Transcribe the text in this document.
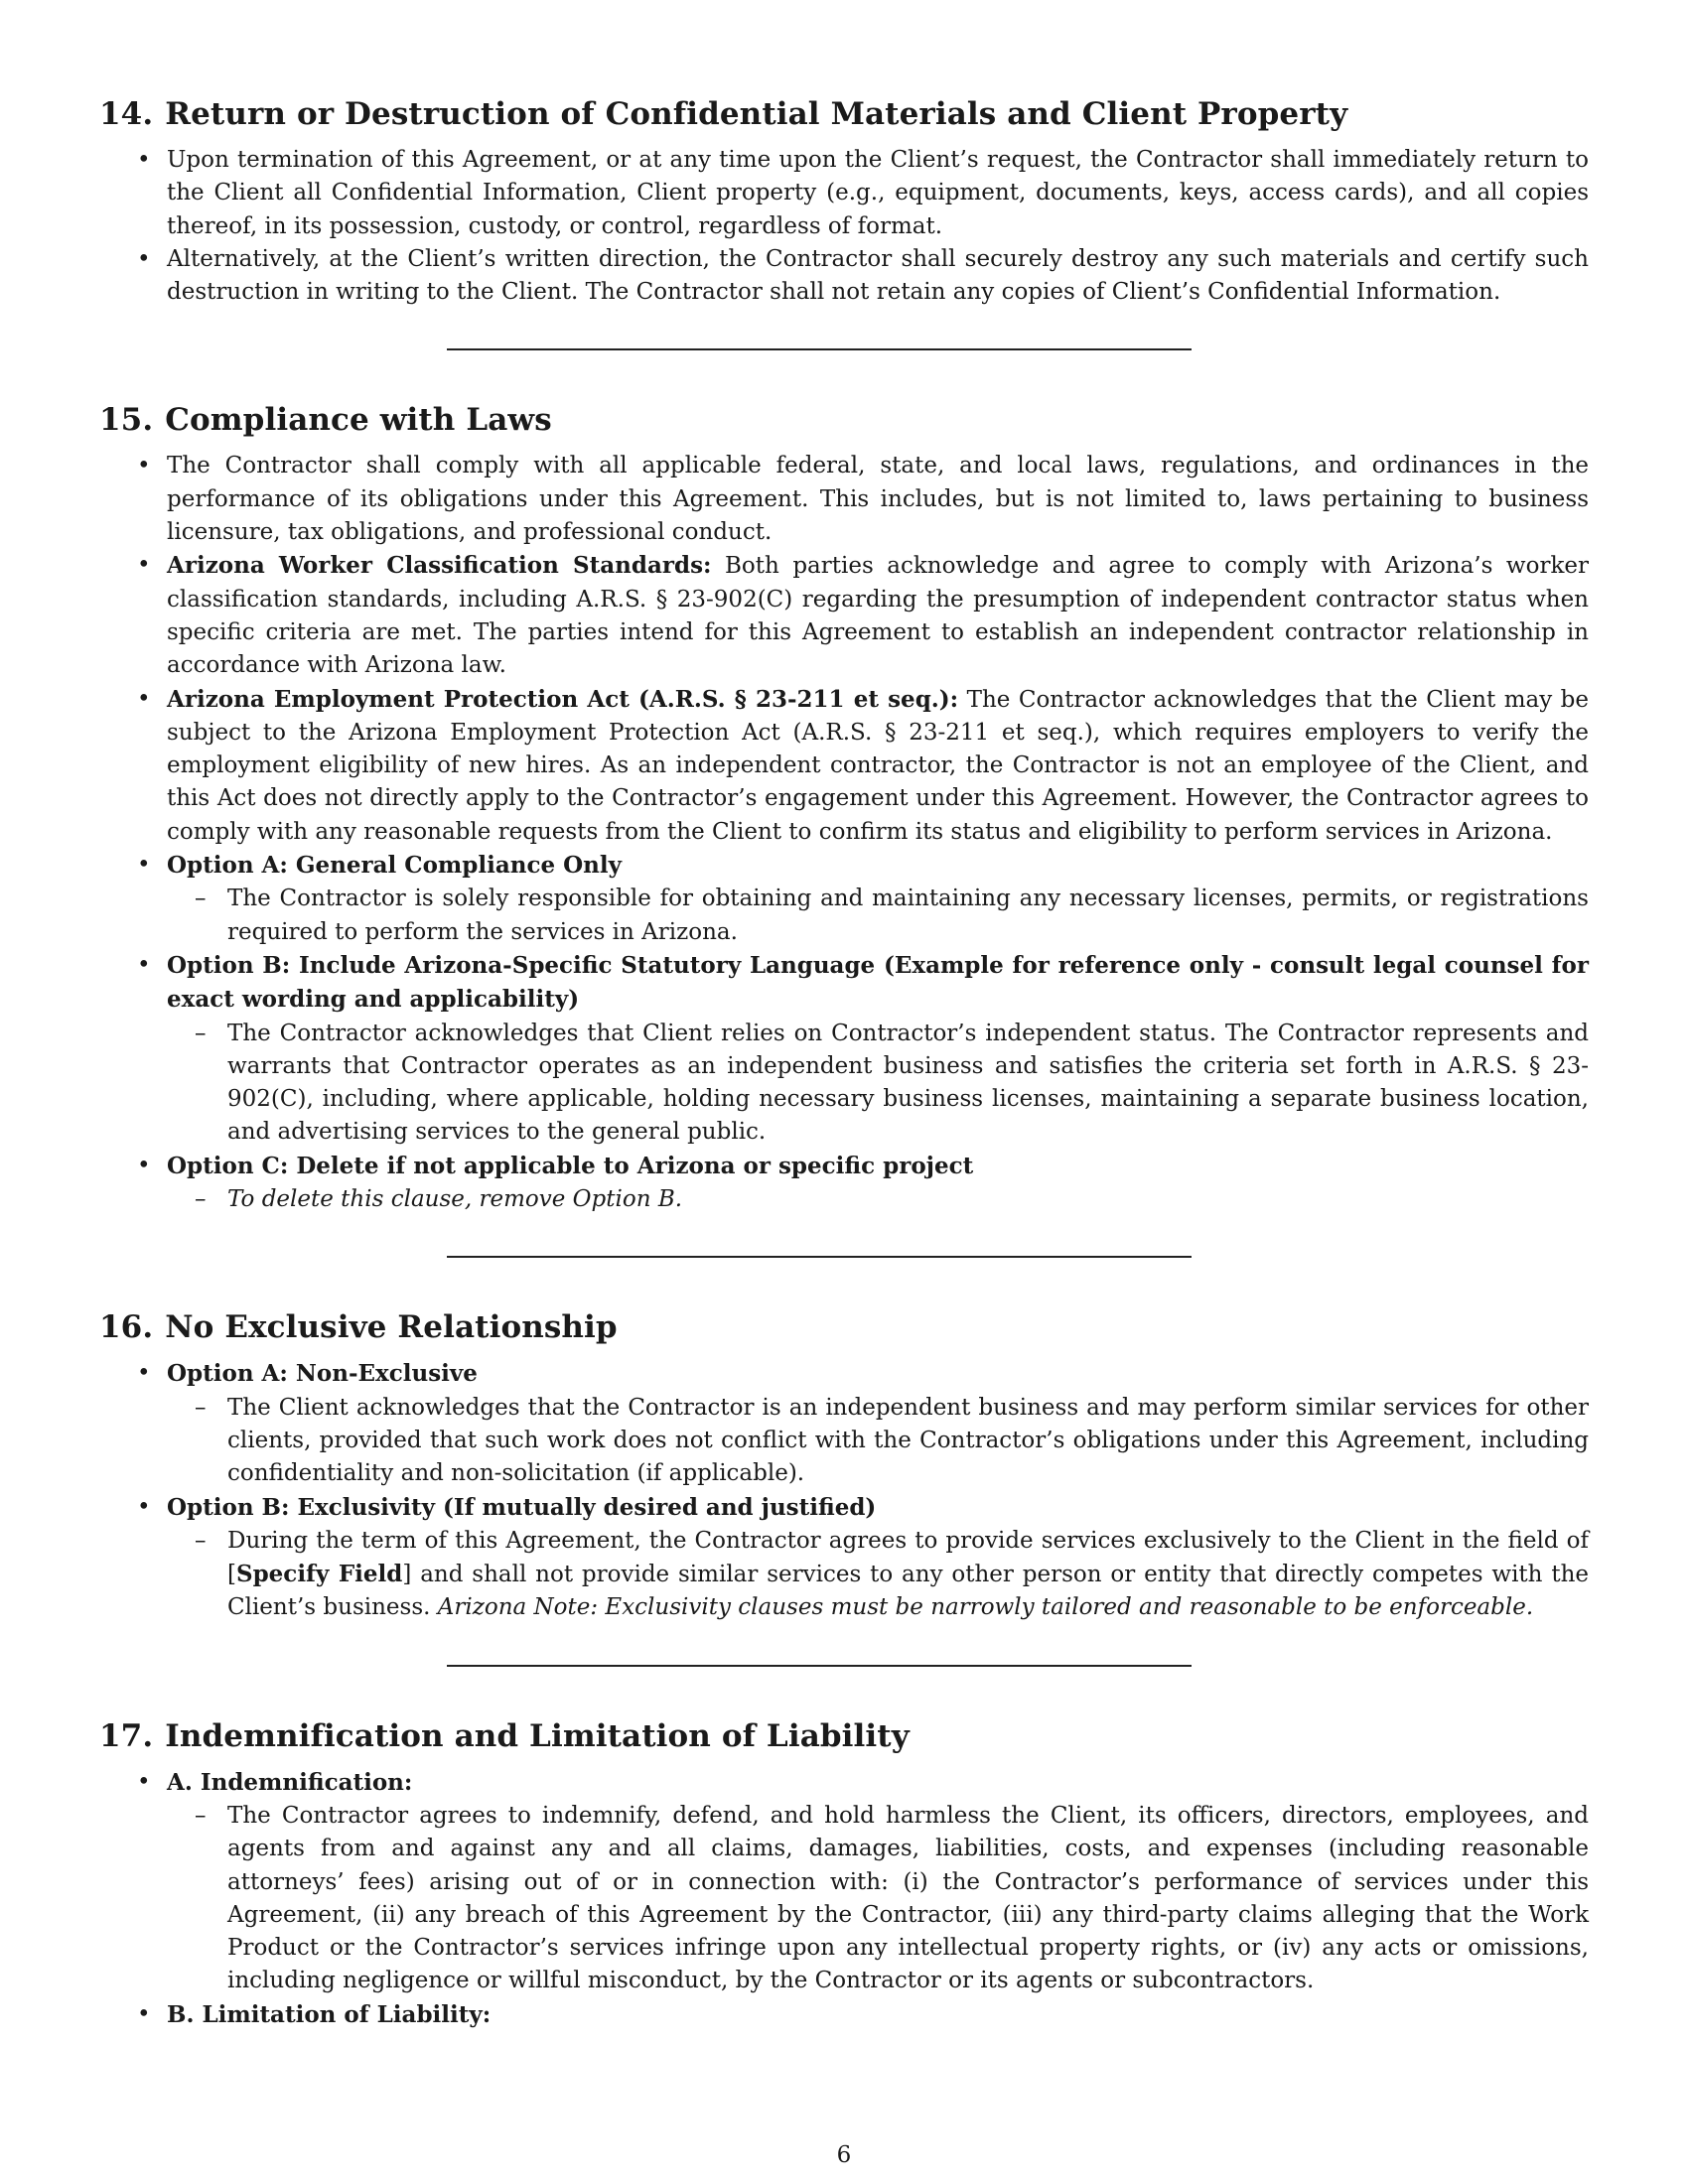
14. Return or Destruction of Confidential Materials and Client Property
• Upon termination of this Agreement, or at any time upon the Client’s request, the Contractor shall immediately return to the Client all Confidential Information, Client property (e.g., equipment, documents, keys, access cards), and all copies thereof, in its possession, custody, or control, regardless of format.
• Alternatively, at the Client’s written direction, the Contractor shall securely destroy any such materials and certify such destruction in writing to the Client. The Contractor shall not retain any copies of Client’s Confidential Information.
15. Compliance with Laws
• The Contractor shall comply with all applicable federal, state, and local laws, regulations, and ordinances in the performance of its obligations under this Agreement. This includes, but is not limited to, laws pertaining to business licensure, tax obligations, and professional conduct.
• Arizona Worker Classification Standards: Both parties acknowledge and agree to comply with Arizona’s worker classification standards, including A.R.S. § 23-902(C) regarding the presumption of independent contractor status when specific criteria are met. The parties intend for this Agreement to establish an independent contractor relationship in accordance with Arizona law.
• Arizona Employment Protection Act (A.R.S. § 23-211 et seq.): The Contractor acknowledges that the Client may be subject to the Arizona Employment Protection Act (A.R.S. § 23-211 et seq.), which requires employers to verify the employment eligibility of new hires. As an independent contractor, the Contractor is not an employee of the Client, and this Act does not directly apply to the Contractor’s engagement under this Agreement. However, the Contractor agrees to comply with any reasonable requests from the Client to confirm its status and eligibility to perform services in Arizona.
• Option A: General Compliance Only
– The Contractor is solely responsible for obtaining and maintaining any necessary licenses, permits, or registrations required to perform the services in Arizona.
• Option B: Include Arizona-Specific Statutory Language (Example for reference only - consult legal counsel for exact wording and applicability)
– The Contractor acknowledges that Client relies on Contractor’s independent status. The Contractor represents and warrants that Contractor operates as an independent business and satisfies the criteria set forth in A.R.S. § 23-902(C), including, where applicable, holding necessary business licenses, maintaining a separate business location, and advertising services to the general public.
• Option C: Delete if not applicable to Arizona or specific project
– To delete this clause, remove Option B.
16. No Exclusive Relationship
• Option A: Non-Exclusive
– The Client acknowledges that the Contractor is an independent business and may perform similar services for other clients, provided that such work does not conflict with the Contractor’s obligations under this Agreement, including confidentiality and non-solicitation (if applicable).
• Option B: Exclusivity (If mutually desired and justified)
– During the term of this Agreement, the Contractor agrees to provide services exclusively to the Client in the field of [Specify Field] and shall not provide similar services to any other person or entity that directly competes with the Client’s business. Arizona Note: Exclusivity clauses must be narrowly tailored and reasonable to be enforceable.
17. Indemnification and Limitation of Liability
• A. Indemnification:
– The Contractor agrees to indemnify, defend, and hold harmless the Client, its officers, directors, employees, and agents from and against any and all claims, damages, liabilities, costs, and expenses (including reasonable attorneys’ fees) arising out of or in connection with: (i) the Contractor’s performance of services under this Agreement, (ii) any breach of this Agreement by the Contractor, (iii) any third-party claims alleging that the Work Product or the Contractor’s services infringe upon any intellectual property rights, or (iv) any acts or omissions, including negligence or willful misconduct, by the Contractor or its agents or subcontractors.
• B. Limitation of Liability:
6
